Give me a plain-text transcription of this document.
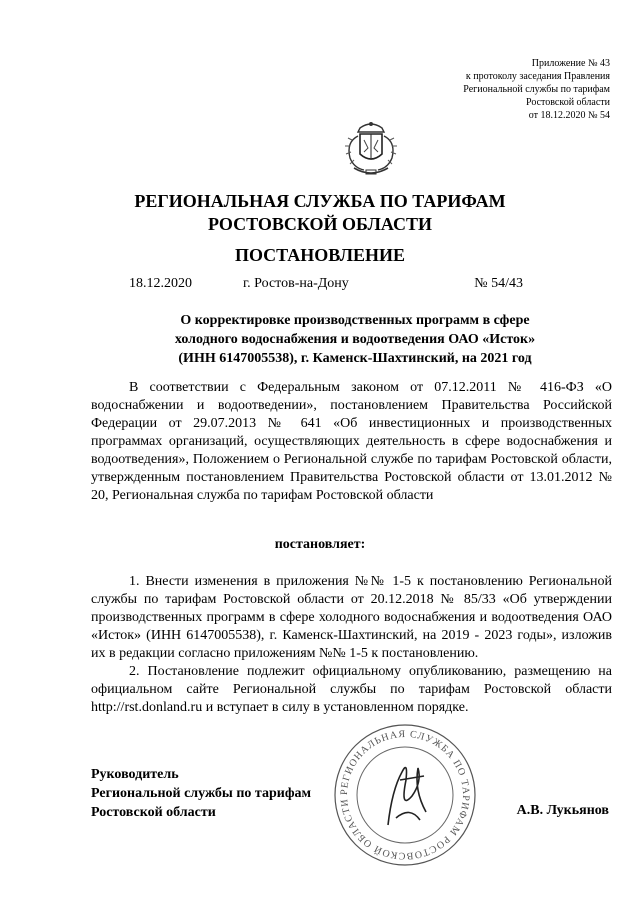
Приложение № 43
к протоколу заседания Правления
Региональной службы по тарифам
Ростовской области
от 18.12.2020 № 54
РЕГИОНАЛЬНАЯ СЛУЖБА ПО ТАРИФАМ
РОСТОВСКОЙ ОБЛАСТИ
ПОСТАНОВЛЕНИЕ
18.12.2020	г. Ростов-на-Дону	№ 54/43
О корректировке производственных программ в сфере
холодного водоснабжения и водоотведения ОАО «Исток»
(ИНН 6147005538), г. Каменск-Шахтинский, на 2021 год

В соответствии с Федеральным законом от 07.12.2011 № 416-ФЗ «О водоснабжении и водоотведении», постановлением Правительства Российской Федерации от 29.07.2013 № 641 «Об инвестиционных и производственных программах организаций, осуществляющих деятельность в сфере водоснабжения и водоотведения», Положением о Региональной службе по тарифам Ростовской области, утвержденным постановлением Правительства Ростовской области от 13.01.2012 № 20, Региональная служба по тарифам Ростовской области

постановляет:

1. Внести изменения в приложения №№ 1-5 к постановлению Региональной службы по тарифам Ростовской области от 20.12.2018 № 85/33 «Об утверждении производственных программ в сфере холодного водоснабжения и водоотведения ОАО «Исток» (ИНН 6147005538), г. Каменск-Шахтинский, на 2019 - 2023 годы», изложив их в редакции согласно приложениям №№ 1-5 к постановлению.

2. Постановление подлежит официальному опубликованию, размещению на официальном сайте Региональной службы по тарифам Ростовской области http://rst.donland.ru и вступает в силу в установленном порядке.

РЕГИОНАЛЬНАЯ СЛУЖБА ПО ТАРИФАМ РОСТОВСКОЙ ОБЛАСТИ
Руководитель
Региональной службы по тарифам
Ростовской области	А.В. Лукьянов
